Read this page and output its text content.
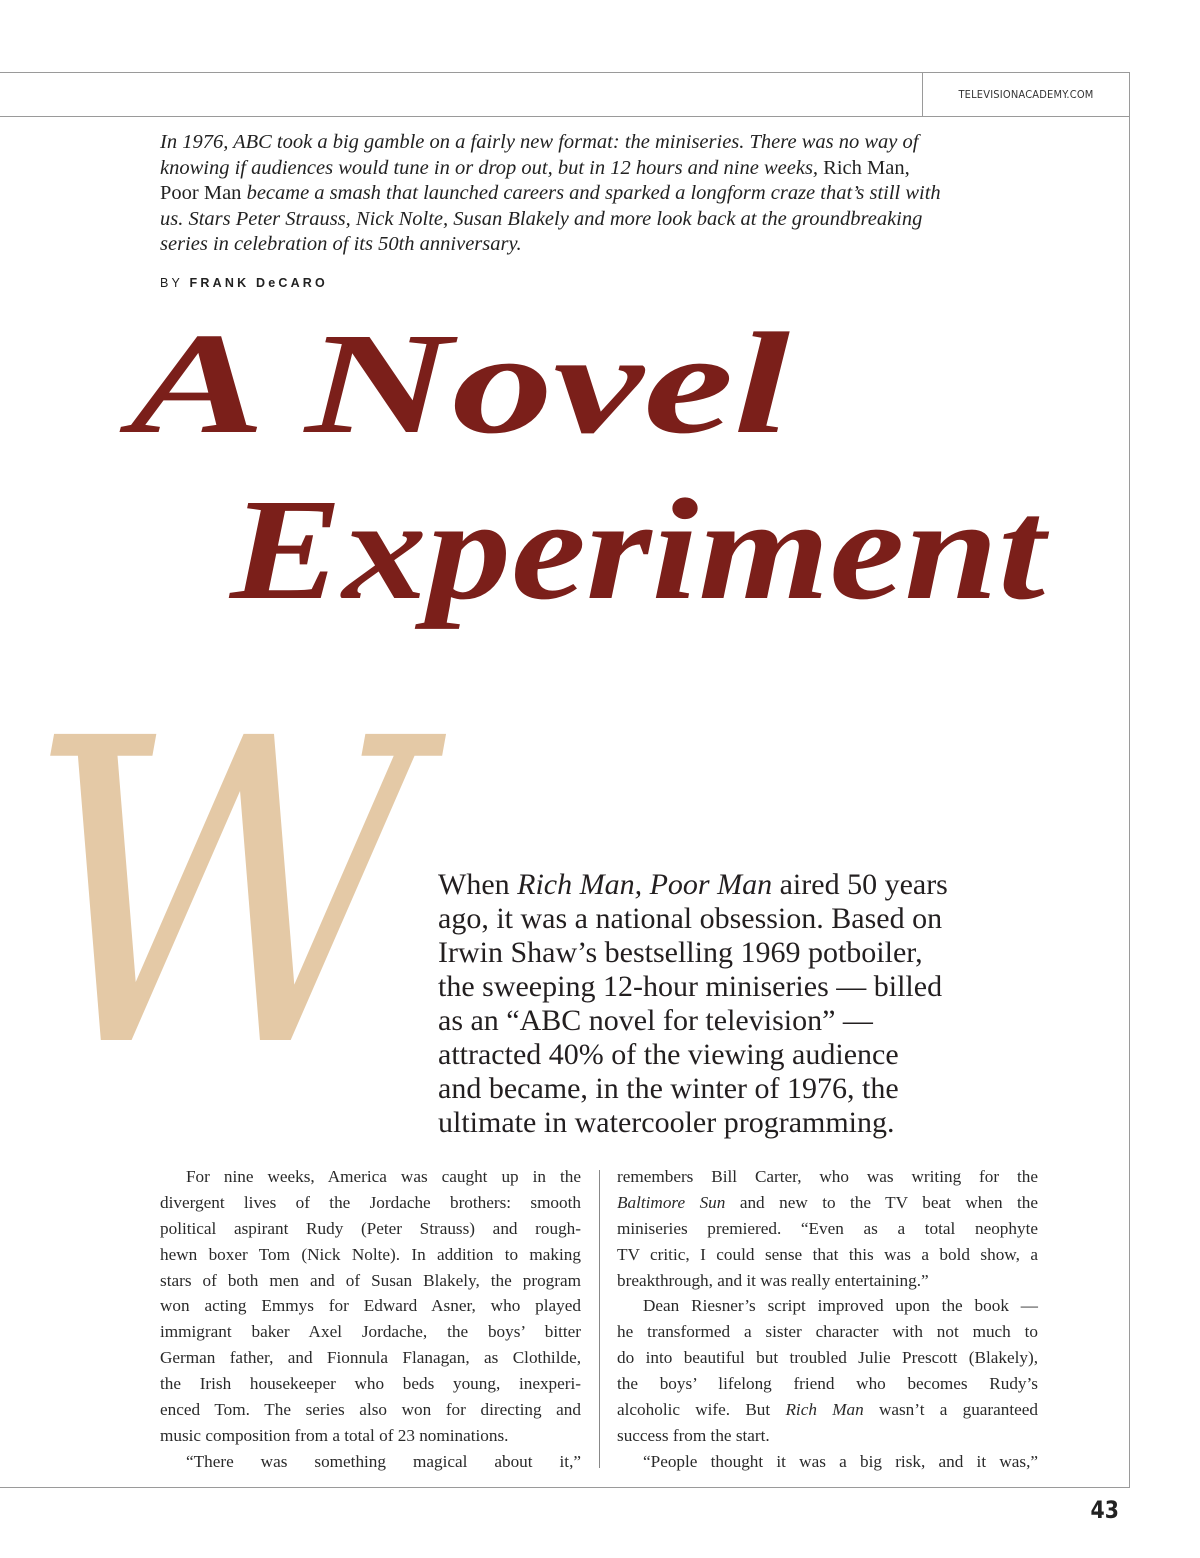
TELEVISIONACADEMY.COM
In 1976, ABC took a big gamble on a fairly new format: the miniseries. There was no way of
knowing if audiences would tune in or drop out, but in 12 hours and nine weeks, Rich Man,
Poor Man became a smash that launched careers and sparked a longform craze that’s still with
us. Stars Peter Strauss, Nick Nolte, Susan Blakely and more look back at the groundbreaking
series in celebration of its 50th anniversary.
BY FRANK DeCARO
W
A Novel
Experiment
When Rich Man, Poor Man aired 50 years
ago, it was a national obsession. Based on
Irwin Shaw’s bestselling 1969 potboiler,
the sweeping 12-hour miniseries — billed
as an “ABC novel for television” —
attracted 40% of the viewing audience
and became, in the winter of 1976, the
ultimate in watercooler programming.
For nine weeks, America was caught up in the
divergent lives of the Jordache brothers: smooth
political aspirant Rudy (Peter Strauss) and rough-
hewn boxer Tom (Nick Nolte). In addition to making
stars of both men and of Susan Blakely, the program
won acting Emmys for Edward Asner, who played
immigrant baker Axel Jordache, the boys’ bitter
German father, and Fionnula Flanagan, as Clothilde,
the Irish housekeeper who beds young, inexperi-
enced Tom. The series also won for directing and
music composition from a total of 23 nominations.
“There was something magical about it,”
remembers Bill Carter, who was writing for the
Baltimore Sun and new to the TV beat when the
miniseries premiered. “Even as a total neophyte
TV critic, I could sense that this was a bold show, a
breakthrough, and it was really entertaining.”
Dean Riesner’s script improved upon the book —
he transformed a sister character with not much to
do into beautiful but troubled Julie Prescott (Blakely),
the boys’ lifelong friend who becomes Rudy’s
alcoholic wife. But Rich Man wasn’t a guaranteed
success from the start.
“People thought it was a big risk, and it was,”
43
